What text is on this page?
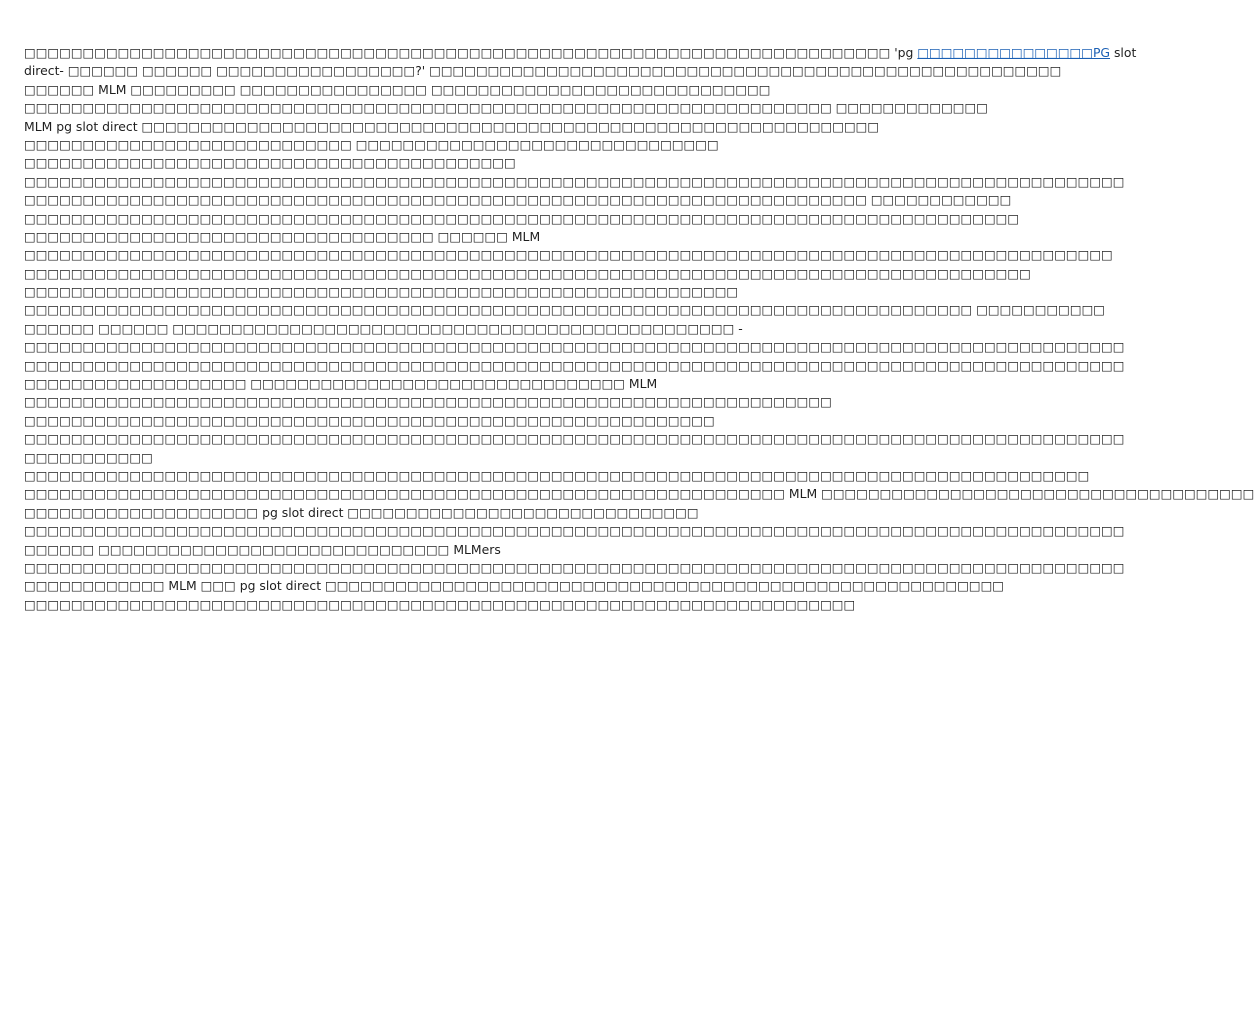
□□□□□□□□□□□□□□□□□□□□□□□□□□□□□□□□□□□□□□□□□□□□□□□□□□□□□□□□□□□□□□□□□□□□□□□□□□ 'pg □□□□□□□□□□□□□□□PG slot
direct- □□□□□□ □□□□□□ □□□□□□□□□□□□□□□□□?' □□□□□□□□□□□□□□□□□□□□□□□□□□□□□□□□□□□□□□□□□□□□□□□□□□□□□□
□□□□□□ MLM □□□□□□□□□ □□□□□□□□□□□□□□□□ □□□□□□□□□□□□□□□□□□□□□□□□□□□□□
□□□□□□□□□□□□□□□□□□□□□□□□□□□□□□□□□□□□□□□□□□□□□□□□□□□□□□□□□□□□□□□□□□□□□ □□□□□□□□□□□□□
MLM pg slot direct □□□□□□□□□□□□□□□□□□□□□□□□□□□□□□□□□□□□□□□□□□□□□□□□□□□□□□□□□□□□□□□
□□□□□□□□□□□□□□□□□□□□□□□□□□□□ □□□□□□□□□□□□□□□□□□□□□□□□□□□□□□□
□□□□□□□□□□□□□□□□□□□□□□□□□□□□□□□□□□□□□□□□□□
□□□□□□□□□□□□□□□□□□□□□□□□□□□□□□□□□□□□□□□□□□□□□□□□□□□□□□□□□□□□□□□□□□□□□□□□□□□□□□□□□□□□□□□□□□□□□□
□□□□□□□□□□□□□□□□□□□□□□□□□□□□□□□□□□□□□□□□□□□□□□□□□□□□□□□□□□□□□□□□□□□□□□□□ □□□□□□□□□□□□
□□□□□□□□□□□□□□□□□□□□□□□□□□□□□□□□□□□□□□□□□□□□□□□□□□□□□□□□□□□□□□□□□□□□□□□□□□□□□□□□□□□□□
□□□□□□□□□□□□□□□□□□□□□□□□□□□□□□□□□□□ □□□□□□ MLM
□□□□□□□□□□□□□□□□□□□□□□□□□□□□□□□□□□□□□□□□□□□□□□□□□□□□□□□□□□□□□□□□□□□□□□□□□□□□□□□□□□□□□□□□□□□□□
□□□□□□□□□□□□□□□□□□□□□□□□□□□□□□□□□□□□□□□□□□□□□□□□□□□□□□□□□□□□□□□□□□□□□□□□□□□□□□□□□□□□□□
□□□□□□□□□□□□□□□□□□□□□□□□□□□□□□□□□□□□□□□□□□□□□□□□□□□□□□□□□□□□□
□□□□□□□□□□□□□□□□□□□□□□□□□□□□□□□□□□□□□□□□□□□□□□□□□□□□□□□□□□□□□□□□□□□□□□□□□□□□□□□□□ □□□□□□□□□□□
□□□□□□ □□□□□□ □□□□□□□□□□□□□□□□□□□□□□□□□□□□□□□□□□□□□□□□□□□□□□□□ -
□□□□□□□□□□□□□□□□□□□□□□□□□□□□□□□□□□□□□□□□□□□□□□□□□□□□□□□□□□□□□□□□□□□□□□□□□□□□□□□□□□□□□□□□□□□□□□
□□□□□□□□□□□□□□□□□□□□□□□□□□□□□□□□□□□□□□□□□□□□□□□□□□□□□□□□□□□□□□□□□□□□□□□□□□□□□□□□□□□□□□□□□□□□□□
□□□□□□□□□□□□□□□□□□□ □□□□□□□□□□□□□□□□□□□□□□□□□□□□□□□□ MLM
□□□□□□□□□□□□□□□□□□□□□□□□□□□□□□□□□□□□□□□□□□□□□□□□□□□□□□□□□□□□□□□□□□□□□
□□□□□□□□□□□□□□□□□□□□□□□□□□□□□□□□□□□□□□□□□□□□□□□□□□□□□□□□□□□
□□□□□□□□□□□□□□□□□□□□□□□□□□□□□□□□□□□□□□□□□□□□□□□□□□□□□□□□□□□□□□□□□□□□□□□□□□□□□□□□□□□□□□□□□□□□□□
□□□□□□□□□□□
□□□□□□□□□□□□□□□□□□□□□□□□□□□□□□□□□□□□□□□□□□□□□□□□□□□□□□□□□□□□□□□□□□□□□□□□□□□□□□□□□□□□□□□□□□□
□□□□□□□□□□□□□□□□□□□□□□□□□□□□□□□□□□□□□□□□□□□□□□□□□□□□□□□□□□□□□□□□□ MLM □□□□□□□□□□□□□□□□□□□□□□□□□□□□□□□□□□□□□
□□□□□□□□□□□□□□□□□□□□ pg slot direct □□□□□□□□□□□□□□□□□□□□□□□□□□□□□□
□□□□□□□□□□□□□□□□□□□□□□□□□□□□□□□□□□□□□□□□□□□□□□□□□□□□□□□□□□□□□□□□□□□□□□□□□□□□□□□□□□□□□□□□□□□□□□
□□□□□□ □□□□□□□□□□□□□□□□□□□□□□□□□□□□□□ MLMers
□□□□□□□□□□□□□□□□□□□□□□□□□□□□□□□□□□□□□□□□□□□□□□□□□□□□□□□□□□□□□□□□□□□□□□□□□□□□□□□□□□□□□□□□□□□□□□
□□□□□□□□□□□□ MLM □□□ pg slot direct □□□□□□□□□□□□□□□□□□□□□□□□□□□□□□□□□□□□□□□□□□□□□□□□□□□□□□□□□□
□□□□□□□□□□□□□□□□□□□□□□□□□□□□□□□□□□□□□□□□□□□□□□□□□□□□□□□□□□□□□□□□□□□□□□□
